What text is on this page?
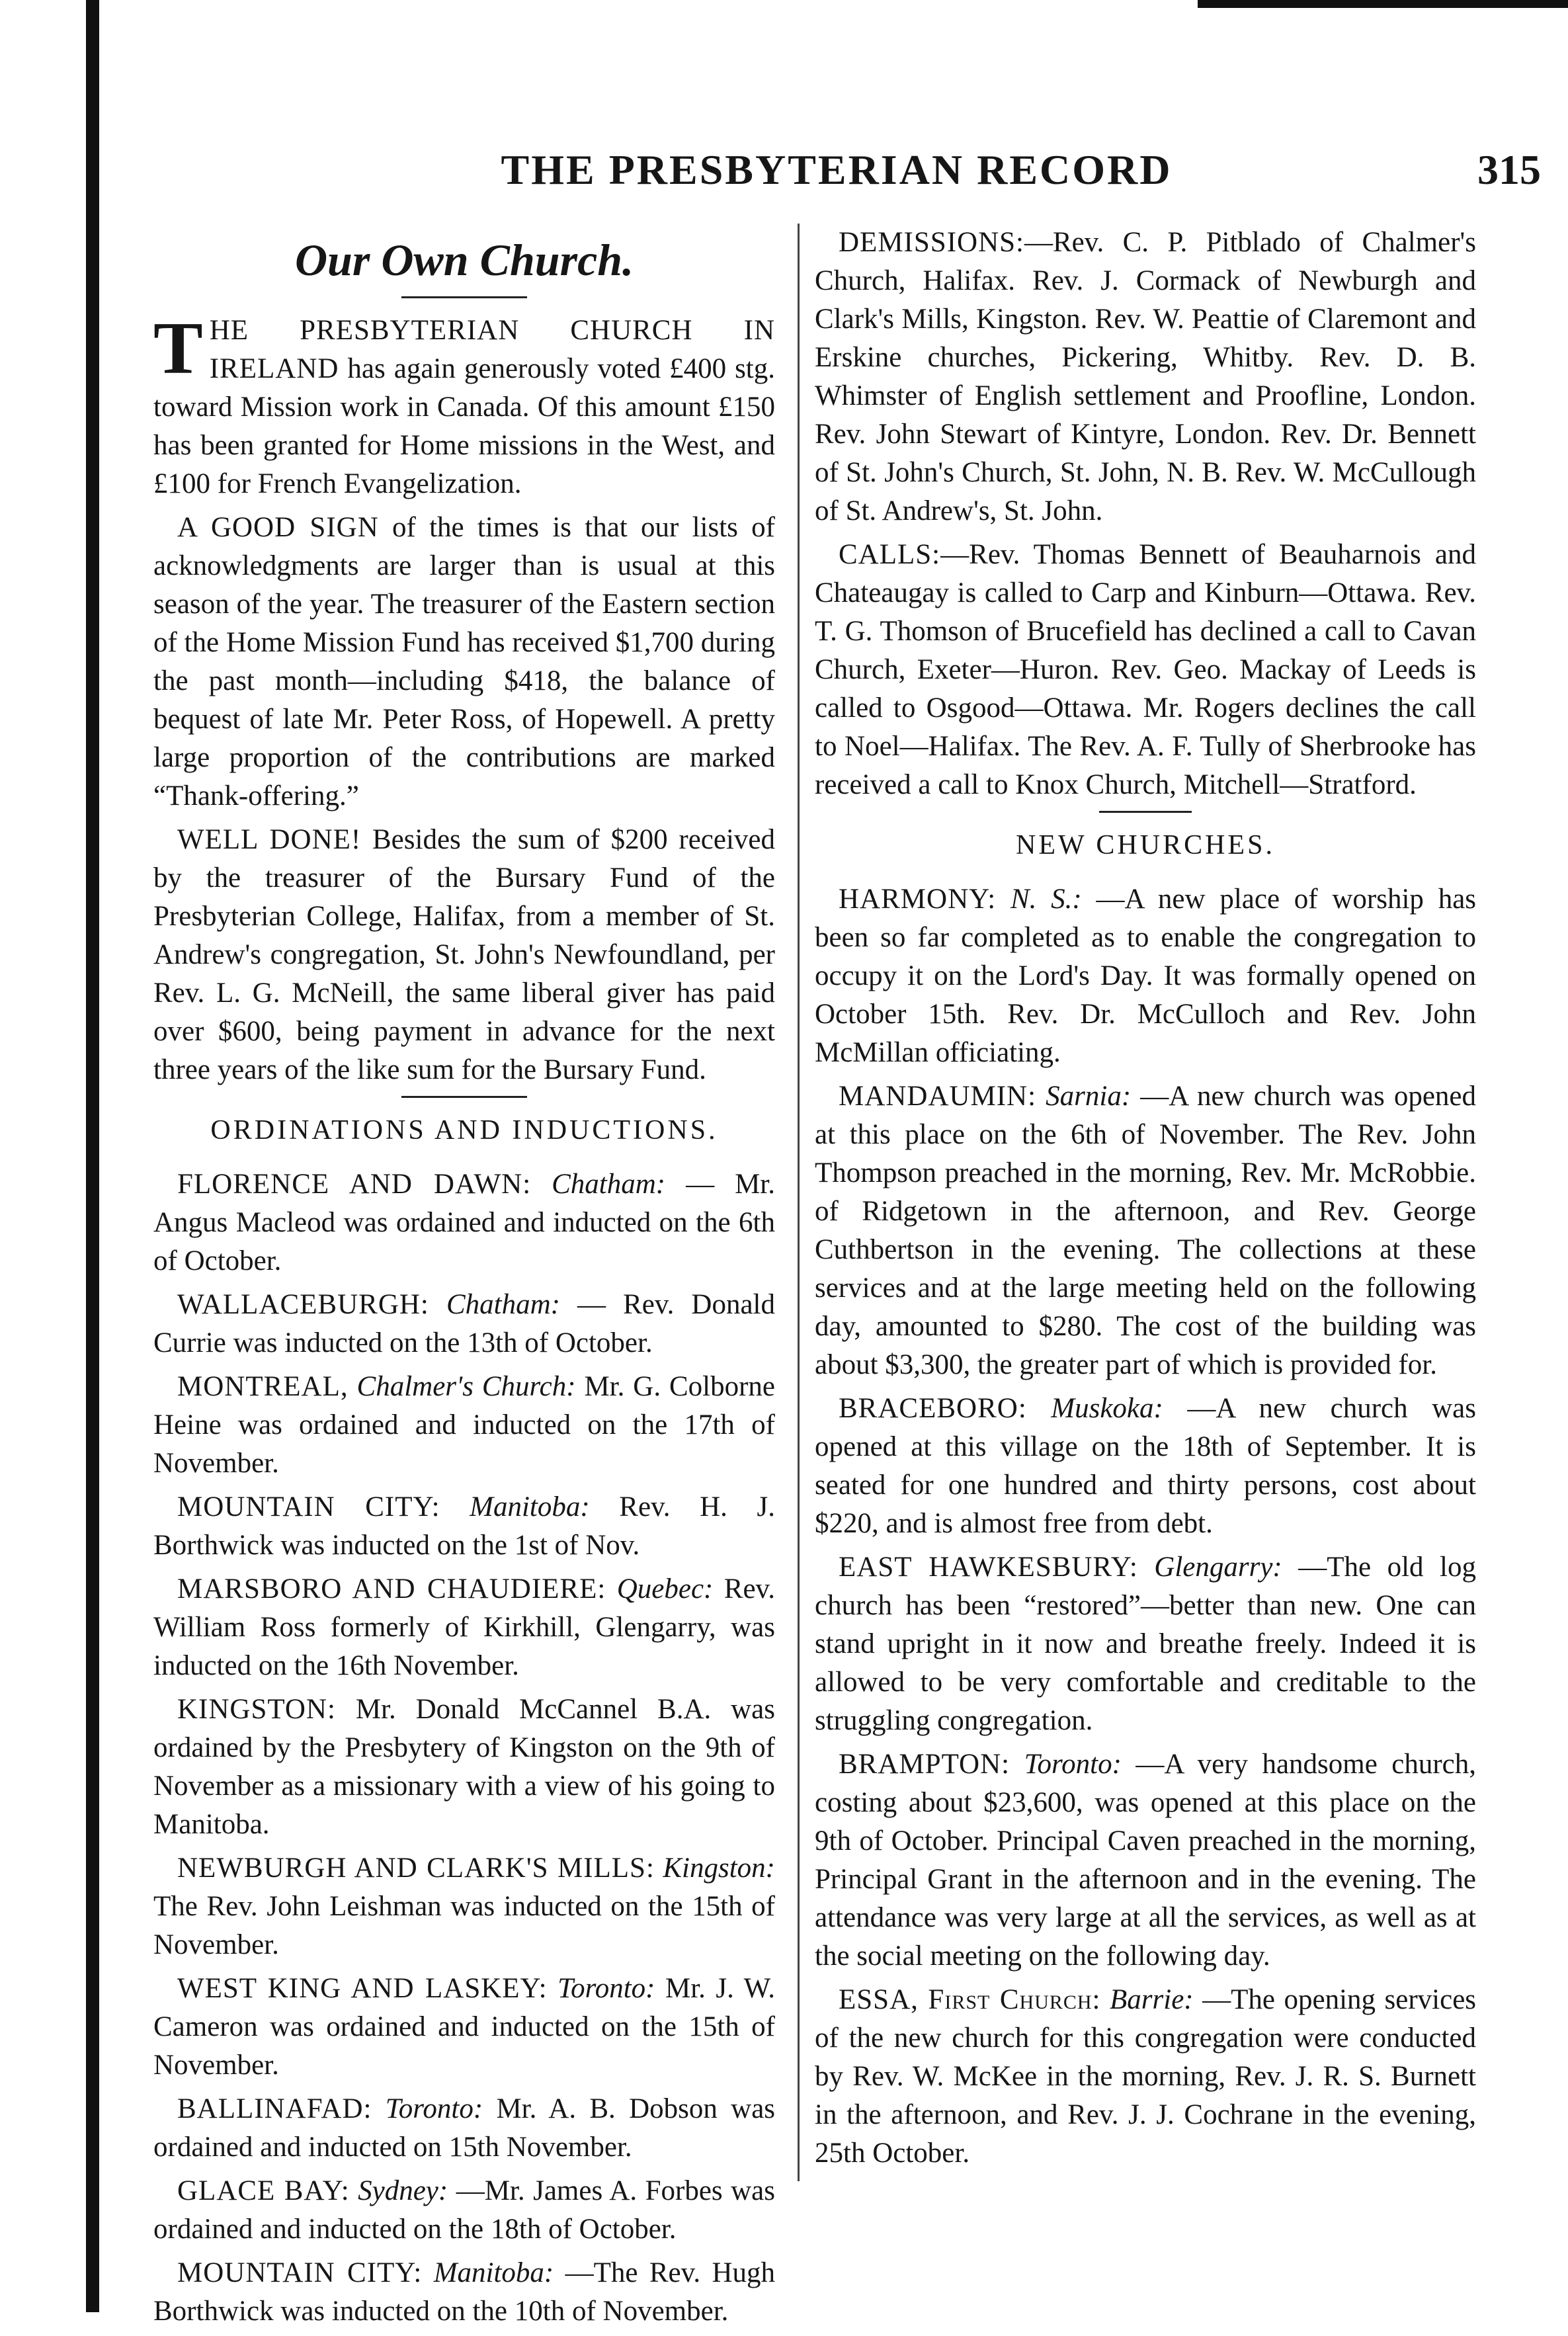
THE PRESBYTERIAN RECORD	315
Our Own Church.

T HE PRESBYTERIAN CHURCH IN IRELAND has again generously voted £400 stg. toward Mission work in Canada. Of this amount £150 has been granted for Home missions in the West, and £100 for French Evangelization.

A GOOD SIGN of the times is that our lists of acknowledgments are larger than is usual at this season of the year. The treasurer of the Eastern section of the Home Mission Fund has received $1,700 during the past month—including $418, the balance of bequest of late Mr. Peter Ross, of Hopewell. A pretty large proportion of the contributions are marked “Thank-offering.”

WELL DONE! Besides the sum of $200 received by the treasurer of the Bursary Fund of the Presbyterian College, Halifax, from a member of St. Andrew's congregation, St. John's Newfoundland, per Rev. L. G. McNeill, the same liberal giver has paid over $600, being payment in advance for the next three years of the like sum for the Bursary Fund.

ORDINATIONS AND INDUCTIONS.

FLORENCE AND DAWN: Chatham: — Mr. Angus Macleod was ordained and inducted on the 6th of October.

WALLACEBURGH: Chatham: — Rev. Donald Currie was inducted on the 13th of October.

MONTREAL, Chalmer's Church: Mr. G. Colborne Heine was ordained and inducted on the 17th of November.

MOUNTAIN CITY: Manitoba: Rev. H. J. Borthwick was inducted on the 1st of Nov.

MARSBORO AND CHAUDIERE: Quebec: Rev. William Ross formerly of Kirkhill, Glengarry, was inducted on the 16th November.

KINGSTON: Mr. Donald McCannel B.A. was ordained by the Presbytery of Kingston on the 9th of November as a missionary with a view of his going to Manitoba.

NEWBURGH AND CLARK'S MILLS: Kingston: The Rev. John Leishman was inducted on the 15th of November.

WEST KING AND LASKEY: Toronto: Mr. J. W. Cameron was ordained and inducted on the 15th of November.

BALLINAFAD: Toronto: Mr. A. B. Dobson was ordained and inducted on 15th November.

GLACE BAY: Sydney: —Mr. James A. Forbes was ordained and inducted on the 18th of October.

MOUNTAIN CITY: Manitoba: —The Rev. Hugh Borthwick was inducted on the 10th of November.

DEMISSIONS:—Rev. C. P. Pitblado of Chalmer's Church, Halifax. Rev. J. Cormack of Newburgh and Clark's Mills, Kingston. Rev. W. Peattie of Claremont and Erskine churches, Pickering, Whitby. Rev. D. B. Whimster of English settlement and Proofline, London. Rev. John Stewart of Kintyre, London. Rev. Dr. Bennett of St. John's Church, St. John, N. B. Rev. W. McCullough of St. Andrew's, St. John.

CALLS:—Rev. Thomas Bennett of Beauharnois and Chateaugay is called to Carp and Kinburn—Ottawa. Rev. T. G. Thomson of Brucefield has declined a call to Cavan Church, Exeter—Huron. Rev. Geo. Mackay of Leeds is called to Osgood—Ottawa. Mr. Rogers declines the call to Noel—Halifax. The Rev. A. F. Tully of Sherbrooke has received a call to Knox Church, Mitchell—Stratford.

NEW CHURCHES.

HARMONY: N. S.: —A new place of worship has been so far completed as to enable the congregation to occupy it on the Lord's Day. It was formally opened on October 15th. Rev. Dr. McCulloch and Rev. John McMillan officiating.

MANDAUMIN: Sarnia: —A new church was opened at this place on the 6th of November. The Rev. John Thompson preached in the morning, Rev. Mr. McRobbie. of Ridgetown in the afternoon, and Rev. George Cuthbertson in the evening. The collections at these services and at the large meeting held on the following day, amounted to $280. The cost of the building was about $3,300, the greater part of which is provided for.

BRACEBORO: Muskoka: —A new church was opened at this village on the 18th of September. It is seated for one hundred and thirty persons, cost about $220, and is almost free from debt.

EAST HAWKESBURY: Glengarry: —The old log church has been “restored”—better than new. One can stand upright in it now and breathe freely. Indeed it is allowed to be very comfortable and creditable to the struggling congregation.

BRAMPTON: Toronto: —A very handsome church, costing about $23,600, was opened at this place on the 9th of October. Principal Caven preached in the morning, Principal Grant in the afternoon and in the evening. The attendance was very large at all the services, as well as at the social meeting on the following day.

ESSA, First Church: Barrie: —The opening services of the new church for this congregation were conducted by Rev. W. McKee in the morning, Rev. J. R. S. Burnett in the afternoon, and Rev. J. J. Cochrane in the evening, 25th October.
